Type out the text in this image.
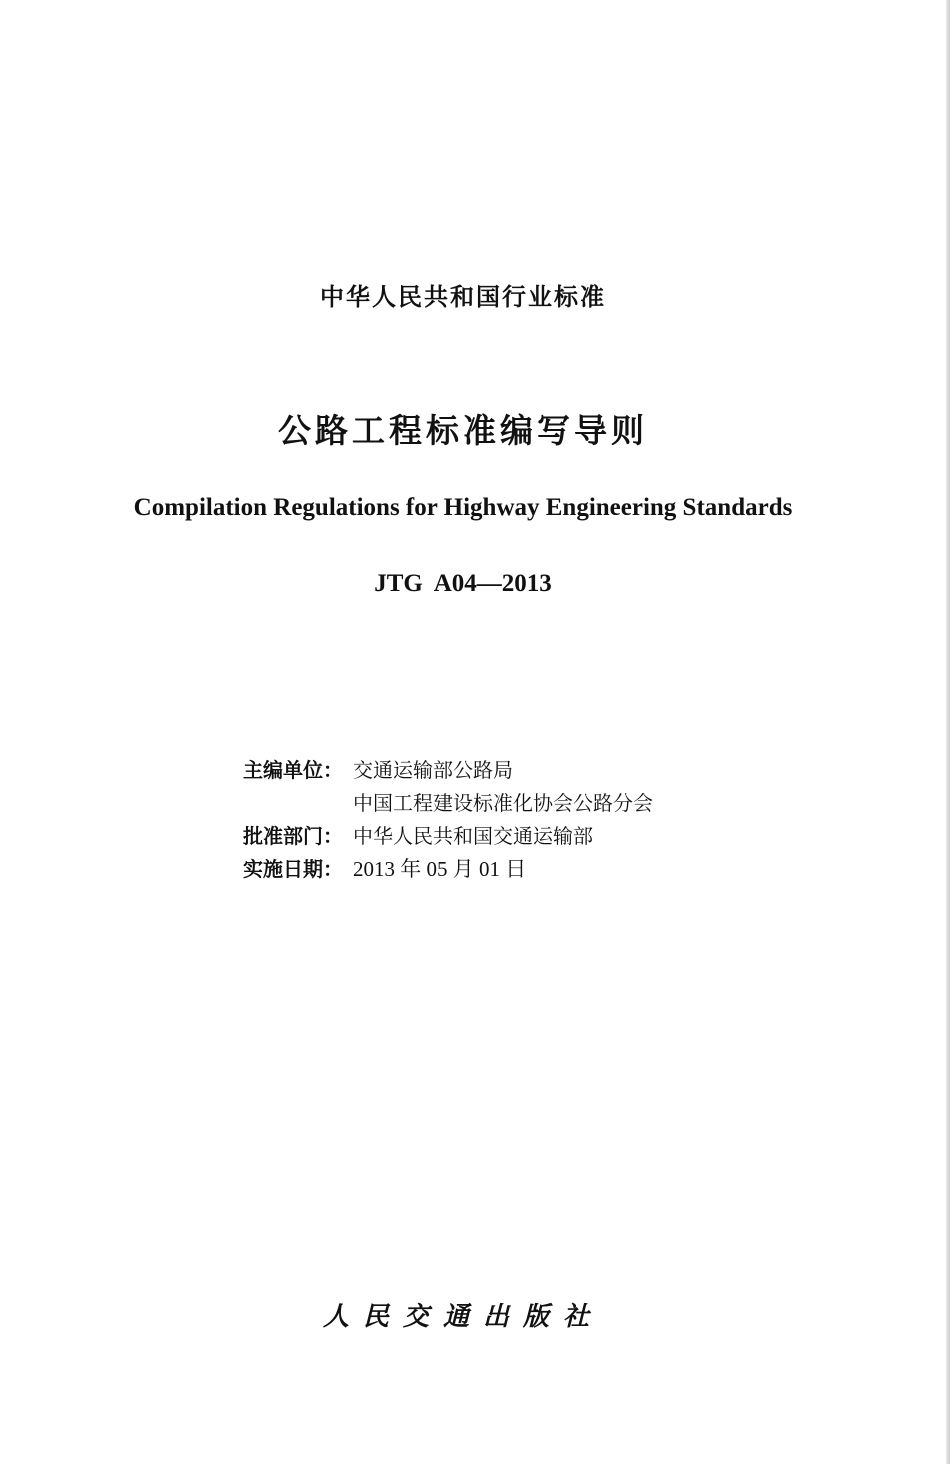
中华人民共和国行业标准
公路工程标准编写导则
Compilation Regulations for Highway Engineering Standards
JTG A04—2013
主编单位： 交通运输部公路局
中国工程建设标准化协会公路分会
批准部门： 中华人民共和国交通运输部
实施日期： 2013 年 05 月 01 日
人民交通出版社
